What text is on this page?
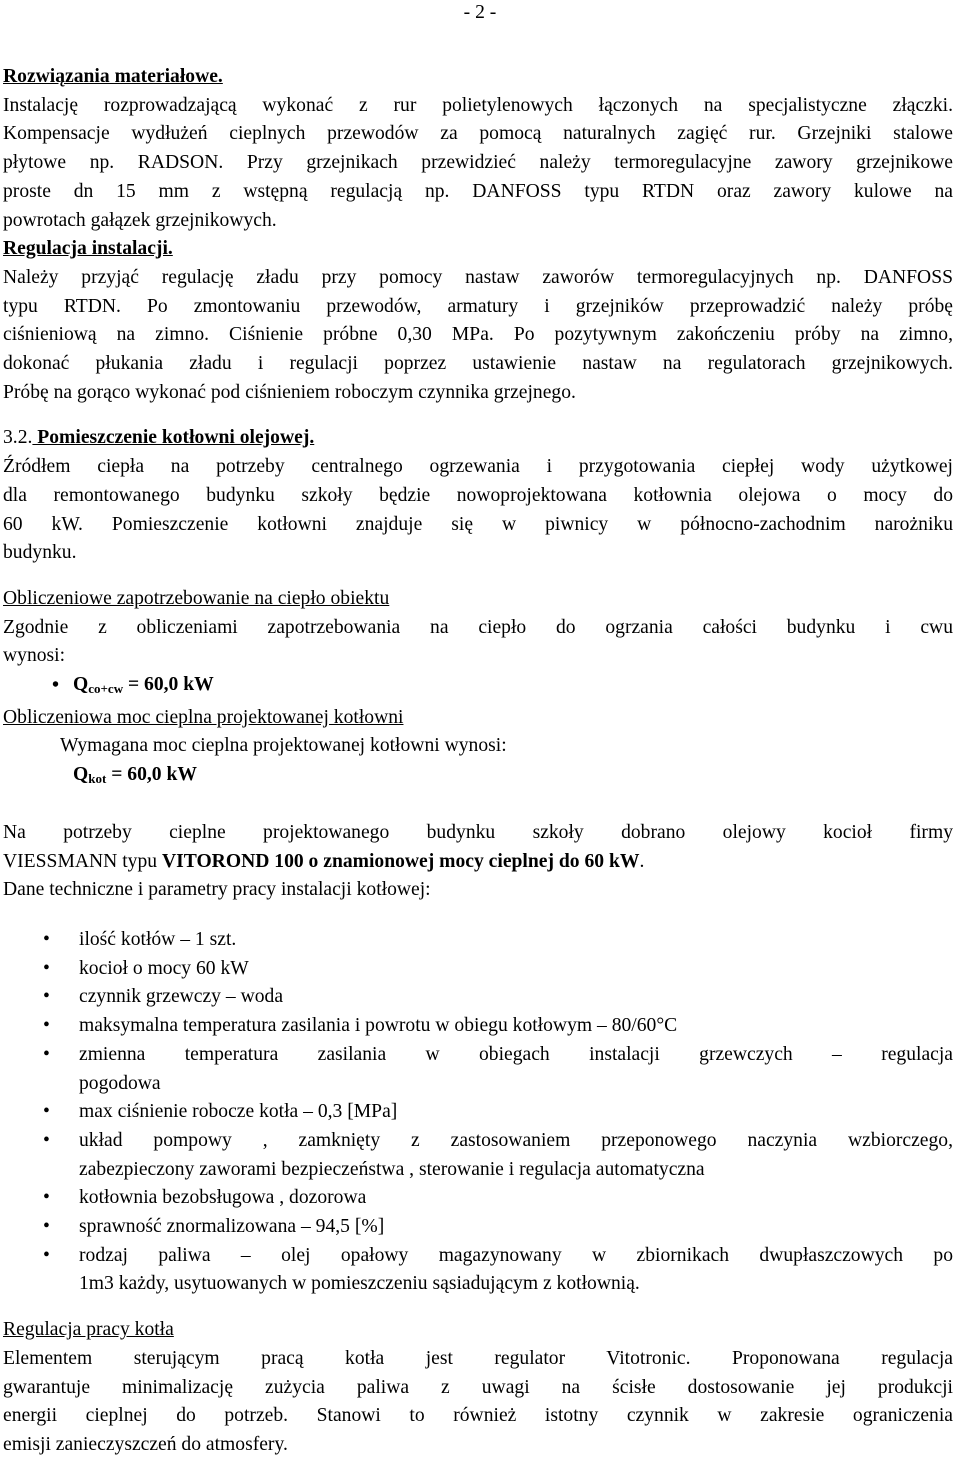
- 2 -

Rozwiązania materiałowe.

Instalację rozprowadzającą wykonać z rur polietylenowych łączonych na specjalistyczne złączki.

Kompensacje wydłużeń cieplnych przewodów za pomocą naturalnych zagięć rur. Grzejniki stalowe

płytowe np. RADSON. Przy grzejnikach przewidzieć należy termoregulacyjne zawory grzejnikowe

proste dn 15 mm z wstępną regulacją np. DANFOSS typu RTDN oraz zawory kulowe na

powrotach gałązek grzejnikowych.

Regulacja instalacji.

Należy przyjąć regulację zładu przy pomocy nastaw zaworów termoregulacyjnych np. DANFOSS

typu RTDN. Po zmontowaniu przewodów, armatury i grzejników przeprowadzić należy próbę

ciśnieniową na zimno. Ciśnienie próbne 0,30 MPa. Po pozytywnym zakończeniu próby na zimno,

dokonać płukania zładu i regulacji poprzez ustawienie nastaw na regulatorach grzejnikowych.

Próbę na gorąco wykonać pod ciśnieniem roboczym czynnika grzejnego.

3.2. Pomieszczenie kotłowni olejowej.

Źródłem ciepła na potrzeby centralnego ogrzewania i przygotowania ciepłej wody użytkowej

dla remontowanego budynku szkoły będzie nowoprojektowana kotłownia olejowa o mocy do

60 kW. Pomieszczenie kotłowni znajduje się w piwnicy w północno-zachodnim narożniku

budynku.

Obliczeniowe zapotrzebowanie na ciepło obiektu

Zgodnie z obliczeniami zapotrzebowania na ciepło do ogrzania całości budynku i cwu

wynosi:

• $Q_{co+cw} = 60,0$ kW

Obliczeniowa moc cieplna projektowanej kotłowni

Wymagana moc cieplna projektowanej kotłowni wynosi:

$Q_{kot} = 60,0$ kW

Na potrzeby cieplne projektowanego budynku szkoły dobrano olejowy kocioł firmy

VIESSMANN typu VITOROND 100 o znamionowej mocy cieplnej do 60 kW.

Dane techniczne i parametry pracy instalacji kotłowej:

• ilość kotłów – 1 szt.

• kocioł o mocy 60 kW

• czynnik grzewczy – woda

• maksymalna temperatura zasilania i powrotu w obiegu kotłowym – 80/60°C

• zmienna temperatura zasilania w obiegach instalacji grzewczych – regulacja

pogodowa

• max ciśnienie robocze kotła – 0,3 [MPa]

• układ pompowy , zamknięty z zastosowaniem przeponowego naczynia wzbiorczego,

zabezpieczony zaworami bezpieczeństwa , sterowanie i regulacja automatyczna

• kotłownia bezobsługowa , dozorowa

• sprawność znormalizowana – 94,5 [%]

• rodzaj paliwa – olej opałowy magazynowany w zbiornikach dwupłaszczowych po

1m3 każdy, usytuowanych w pomieszczeniu sąsiadującym z kotłownią.

Regulacja pracy kotła

Elementem sterującym pracą kotła jest regulator Vitotronic. Proponowana regulacja

gwarantuje minimalizację zużycia paliwa z uwagi na ścisłe dostosowanie jej produkcji

energii cieplnej do potrzeb. Stanowi to również istotny czynnik w zakresie ograniczenia

emisji zanieczyszczeń do atmosfery.
